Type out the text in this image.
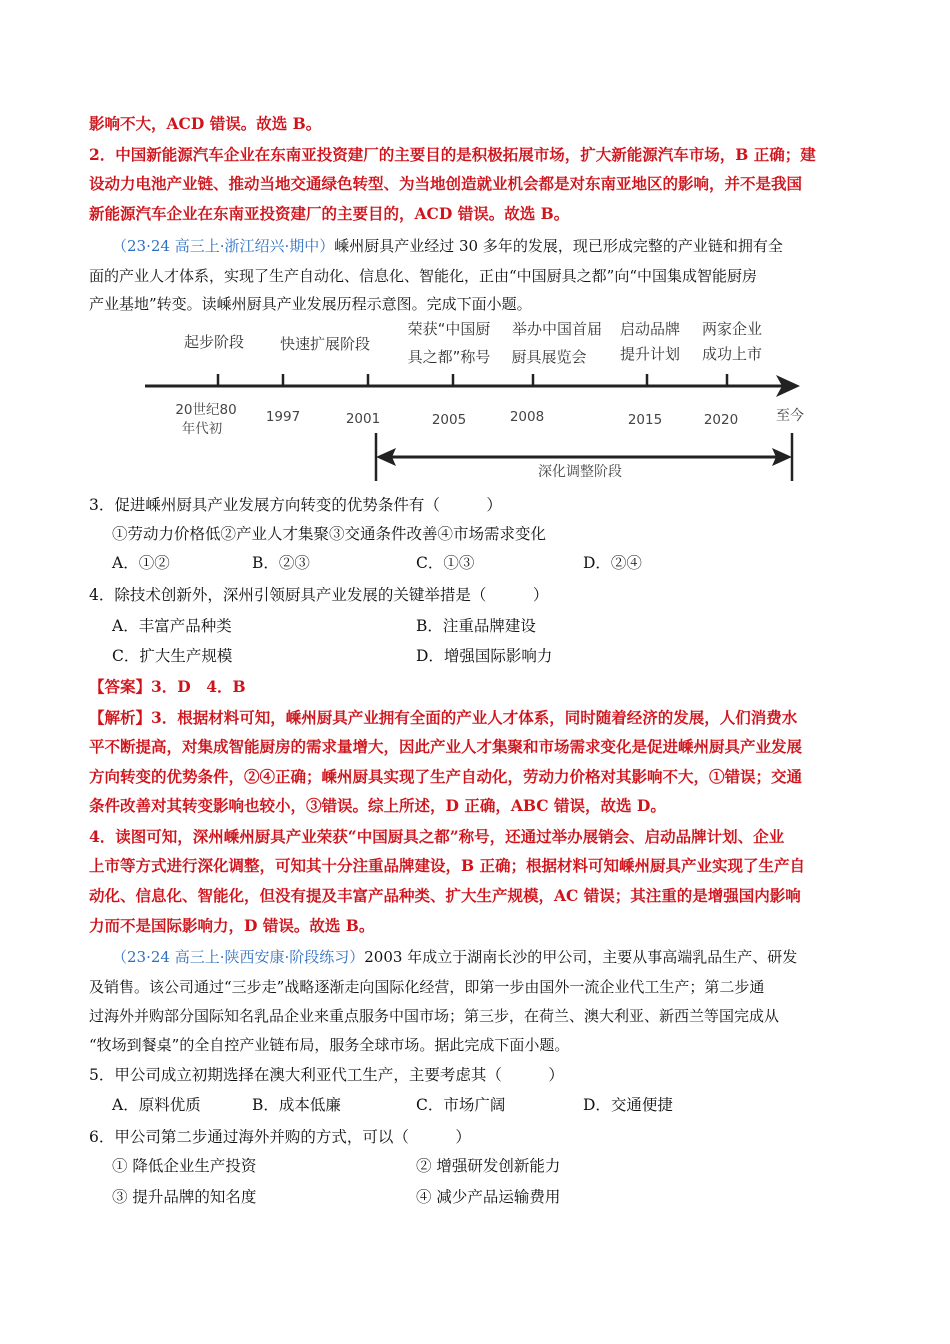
影响不大，ACD 错误。故选 B。
2．中国新能源汽车企业在东南亚投资建厂的主要目的是积极拓展市场，扩大新能源汽车市场，B 正确；建
设动力电池产业链、推动当地交通绿色转型、为当地创造就业机会都是对东南亚地区的影响，并不是我国
新能源汽车企业在东南亚投资建厂的主要目的，ACD 错误。故选 B。
（23·24 高三上·浙江绍兴·期中）嵊州厨具产业经过 30 多年的发展，现已形成完整的产业链和拥有全
面的产业人才体系，实现了生产自动化、信息化、智能化，正由“中国厨具之都”向“中国集成智能厨房
产业基地”转变。读嵊州厨具产业发展历程示意图。完成下面小题。
起步阶段 快速扩展阶段
荣获“中国厨
具之都”称号
举办中国首届
厨具展览会
启动品牌
提升计划
两家企业
成功上市
20世纪80
年代初
1997	2001	2005	2008	2015	2020	至今
深化调整阶段
3．促进嵊州厨具产业发展方向转变的优势条件有（　　　）
①劳动力价格低②产业人才集聚③交通条件改善④市场需求变化
A．①②	B．②③	C．①③	D．②④
4．除技术创新外，深州引领厨具产业发展的关键举措是（　　　）
A．丰富产品种类	B．注重品牌建设
C．扩大生产规模	D．增强国际影响力
【答案】3．D　4．B
【解析】3．根据材料可知，嵊州厨具产业拥有全面的产业人才体系，同时随着经济的发展，人们消费水
平不断提高，对集成智能厨房的需求量增大，因此产业人才集聚和市场需求变化是促进嵊州厨具产业发展
方向转变的优势条件，②④正确；嵊州厨具实现了生产自动化，劳动力价格对其影响不大，①错误；交通
条件改善对其转变影响也较小，③错误。综上所述，D 正确，ABC 错误，故选 D。
4．读图可知，深州嵊州厨具产业荣获“中国厨具之都”称号，还通过举办展销会、启动品牌计划、企业
上市等方式进行深化调整，可知其十分注重品牌建设，B 正确；根据材料可知嵊州厨具产业实现了生产自
动化、信息化、智能化，但没有提及丰富产品种类、扩大生产规模，AC 错误；其注重的是增强国内影响
力而不是国际影响力，D 错误。故选 B。
（23·24 高三上·陕西安康·阶段练习）2003 年成立于湖南长沙的甲公司，主要从事高端乳品生产、研发
及销售。该公司通过“三步走”战略逐渐走向国际化经营，即第一步由国外一流企业代工生产；第二步通
过海外并购部分国际知名乳品企业来重点服务中国市场；第三步，在荷兰、澳大利亚、新西兰等国完成从
“牧场到餐桌”的全自控产业链布局，服务全球市场。据此完成下面小题。
5．甲公司成立初期选择在澳大利亚代工生产，主要考虑其（　　　）
A．原料优质	B．成本低廉	C．市场广阔	D．交通便捷
6．甲公司第二步通过海外并购的方式，可以（　　　）
① 降低企业生产投资	② 增强研发创新能力
③ 提升品牌的知名度	④ 减少产品运输费用
